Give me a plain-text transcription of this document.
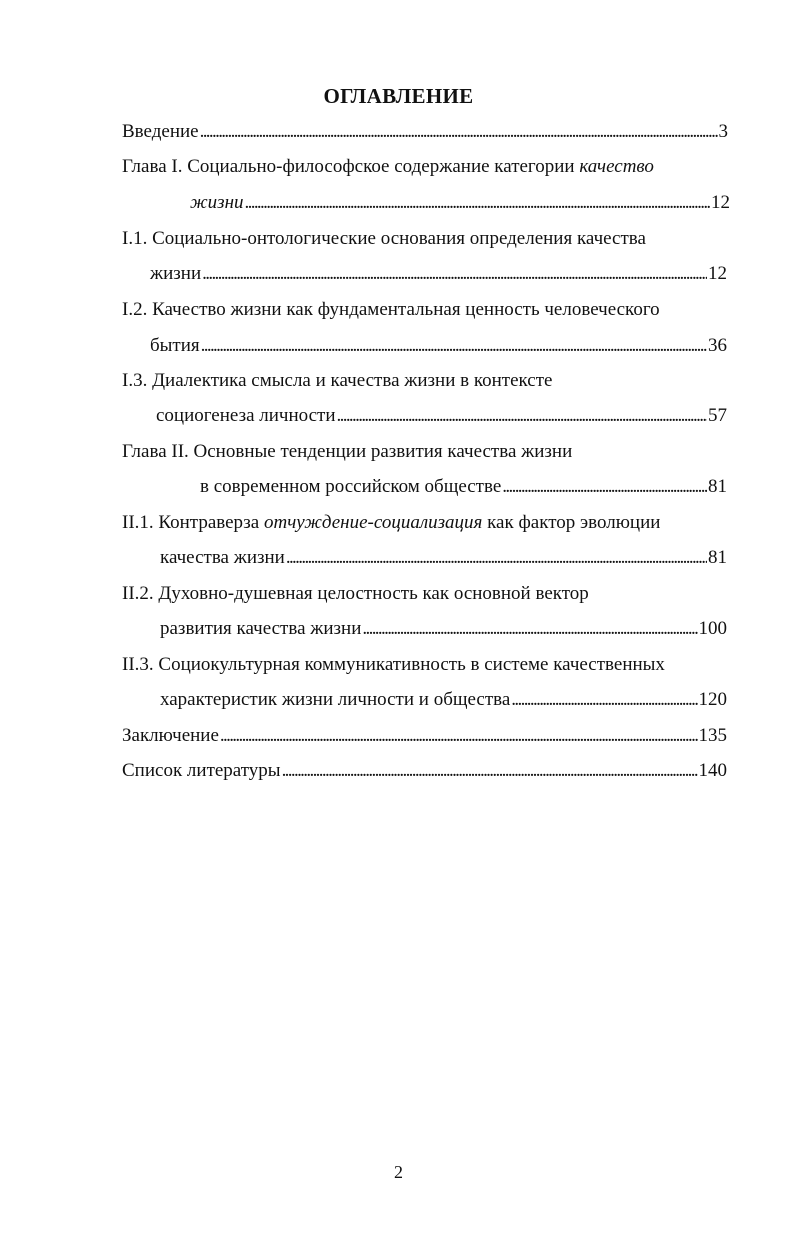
ОГЛАВЛЕНИЕ
Введение . . .	3
Глава I. Социально-философское содержание категории качество
жизни . . .	12
I.1. Социально-онтологические основания определения качества
жизни . . .	12
I.2. Качество жизни как фундаментальная ценность человеческого
бытия . . .	36
I.3. Диалектика смысла и качества жизни в контексте
социогенеза личности . . .	57
Глава II. Основные тенденции развития качества жизни
в современном российском обществе . . .	81
II.1. Контраверза отчуждение-социализация как фактор эволюции
качества жизни . . .	81
II.2. Духовно-душевная целостность как основной вектор
развития качества жизни . . .	100
II.3. Социокультурная коммуникативность в системе качественных
характеристик жизни личности и общества . . .	120
Заключение . . .	135
Список литературы . . .	140
2
